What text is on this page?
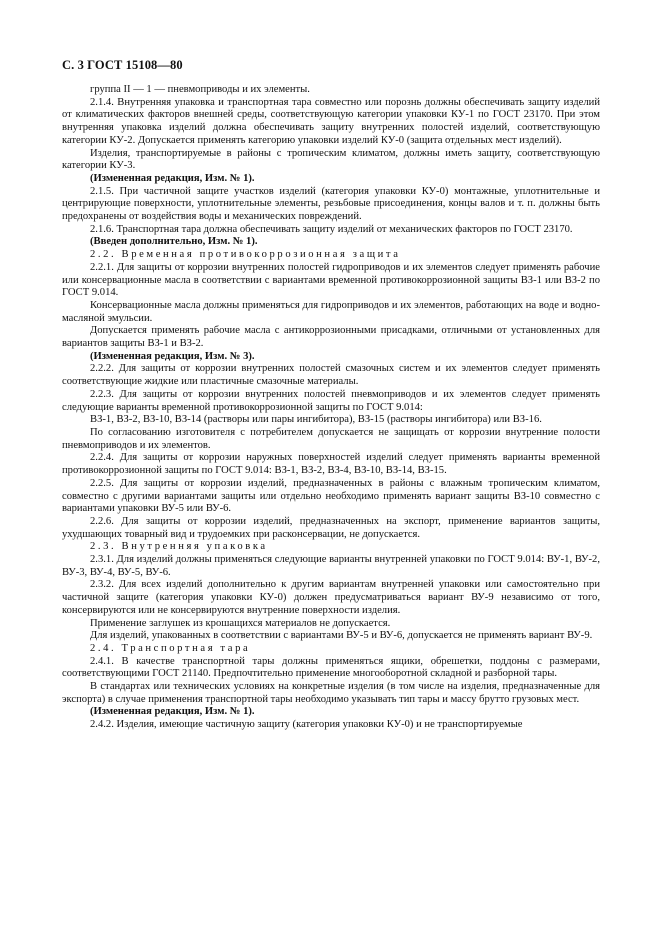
С. 3 ГОСТ 15108—80

группа II — 1 — пневмоприводы и их элементы.

2.1.4. Внутренняя упаковка и транспортная тара совместно или порознь должны обеспечивать защиту изделий от климатических факторов внешней среды, соответствующую категории упаковки КУ-1 по ГОСТ 23170. При этом внутренняя упаковка изделий должна обеспечивать защиту внутренних полостей изделий, соответствующую категории КУ-2. Допускается применять категорию упаковки изделий КУ-0 (защита отдельных мест изделий).

Изделия, транспортируемые в районы с тропическим климатом, должны иметь защиту, соответствующую категории КУ-3.

(Измененная редакция, Изм. № 1).

2.1.5. При частичной защите участков изделий (категория упаковки КУ-0) монтажные, уплотнительные и центрирующие поверхности, уплотнительные элементы, резьбовые присоединения, концы валов и т. п. должны быть предохранены от воздействия воды и механических повреждений.

2.1.6. Транспортная тара должна обеспечивать защиту изделий от механических факторов по ГОСТ 23170.

(Введен дополнительно, Изм. № 1).

2.2. Временная противокоррозионная защита

2.2.1. Для защиты от коррозии внутренних полостей гидроприводов и их элементов следует применять рабочие или консервационные масла в соответствии с вариантами временной противокоррозионной защиты ВЗ-1 или ВЗ-2 по ГОСТ 9.014.

Консервационные масла должны применяться для гидроприводов и их элементов, работающих на воде и водно-масляной эмульсии.

Допускается применять рабочие масла с антикоррозионными присадками, отличными от установленных для вариантов защиты ВЗ-1 и ВЗ-2.

(Измененная редакция, Изм. № 3).

2.2.2. Для защиты от коррозии внутренних полостей смазочных систем и их элементов следует применять соответствующие жидкие или пластичные смазочные материалы.

2.2.3. Для защиты от коррозии внутренних полостей пневмоприводов и их элементов следует применять следующие варианты временной противокоррозионной защиты по ГОСТ 9.014:

ВЗ-1, ВЗ-2, ВЗ-10, ВЗ-14 (растворы или пары ингибитора), ВЗ-15 (растворы ингибитора) или ВЗ-16.

По согласованию изготовителя с потребителем допускается не защищать от коррозии внутренние полости пневмоприводов и их элементов.

2.2.4. Для защиты от коррозии наружных поверхностей изделий следует применять варианты временной противокоррозионной защиты по ГОСТ 9.014: ВЗ-1, ВЗ-2, ВЗ-4, ВЗ-10, ВЗ-14, ВЗ-15.

2.2.5. Для защиты от коррозии изделий, предназначенных в районы с влажным тропическим климатом, совместно с другими вариантами защиты или отдельно необходимо применять вариант защиты ВЗ-10 совместно с вариантами упаковки ВУ-5 или ВУ-6.

2.2.6. Для защиты от коррозии изделий, предназначенных на экспорт, применение вариантов защиты, ухудшающих товарный вид и трудоемких при расконсервации, не допускается.

2.3. Внутренняя упаковка

2.3.1. Для изделий должны применяться следующие варианты внутренней упаковки по ГОСТ 9.014: ВУ-1, ВУ-2, ВУ-3, ВУ-4, ВУ-5, ВУ-6.

2.3.2. Для всех изделий дополнительно к другим вариантам внутренней упаковки или самостоятельно при частичной защите (категория упаковки КУ-0) должен предусматриваться вариант ВУ-9 независимо от того, консервируются или не консервируются внутренние поверхности изделия.

Применение заглушек из крошащихся материалов не допускается.

Для изделий, упакованных в соответствии с вариантами ВУ-5 и ВУ-6, допускается не применять вариант ВУ-9.

2.4. Транспортная тара

2.4.1. В качестве транспортной тары должны применяться ящики, обрешетки, поддоны с размерами, соответствующими ГОСТ 21140. Предпочтительно применение многооборотной складной и разборной тары.

В стандартах или технических условиях на конкретные изделия (в том числе на изделия, предназначенные для экспорта) в случае применения транспортной тары необходимо указывать тип тары и массу брутто грузовых мест.

(Измененная редакция, Изм. № 1).

2.4.2. Изделия, имеющие частичную защиту (категория упаковки КУ-0) и не транспортируемые
